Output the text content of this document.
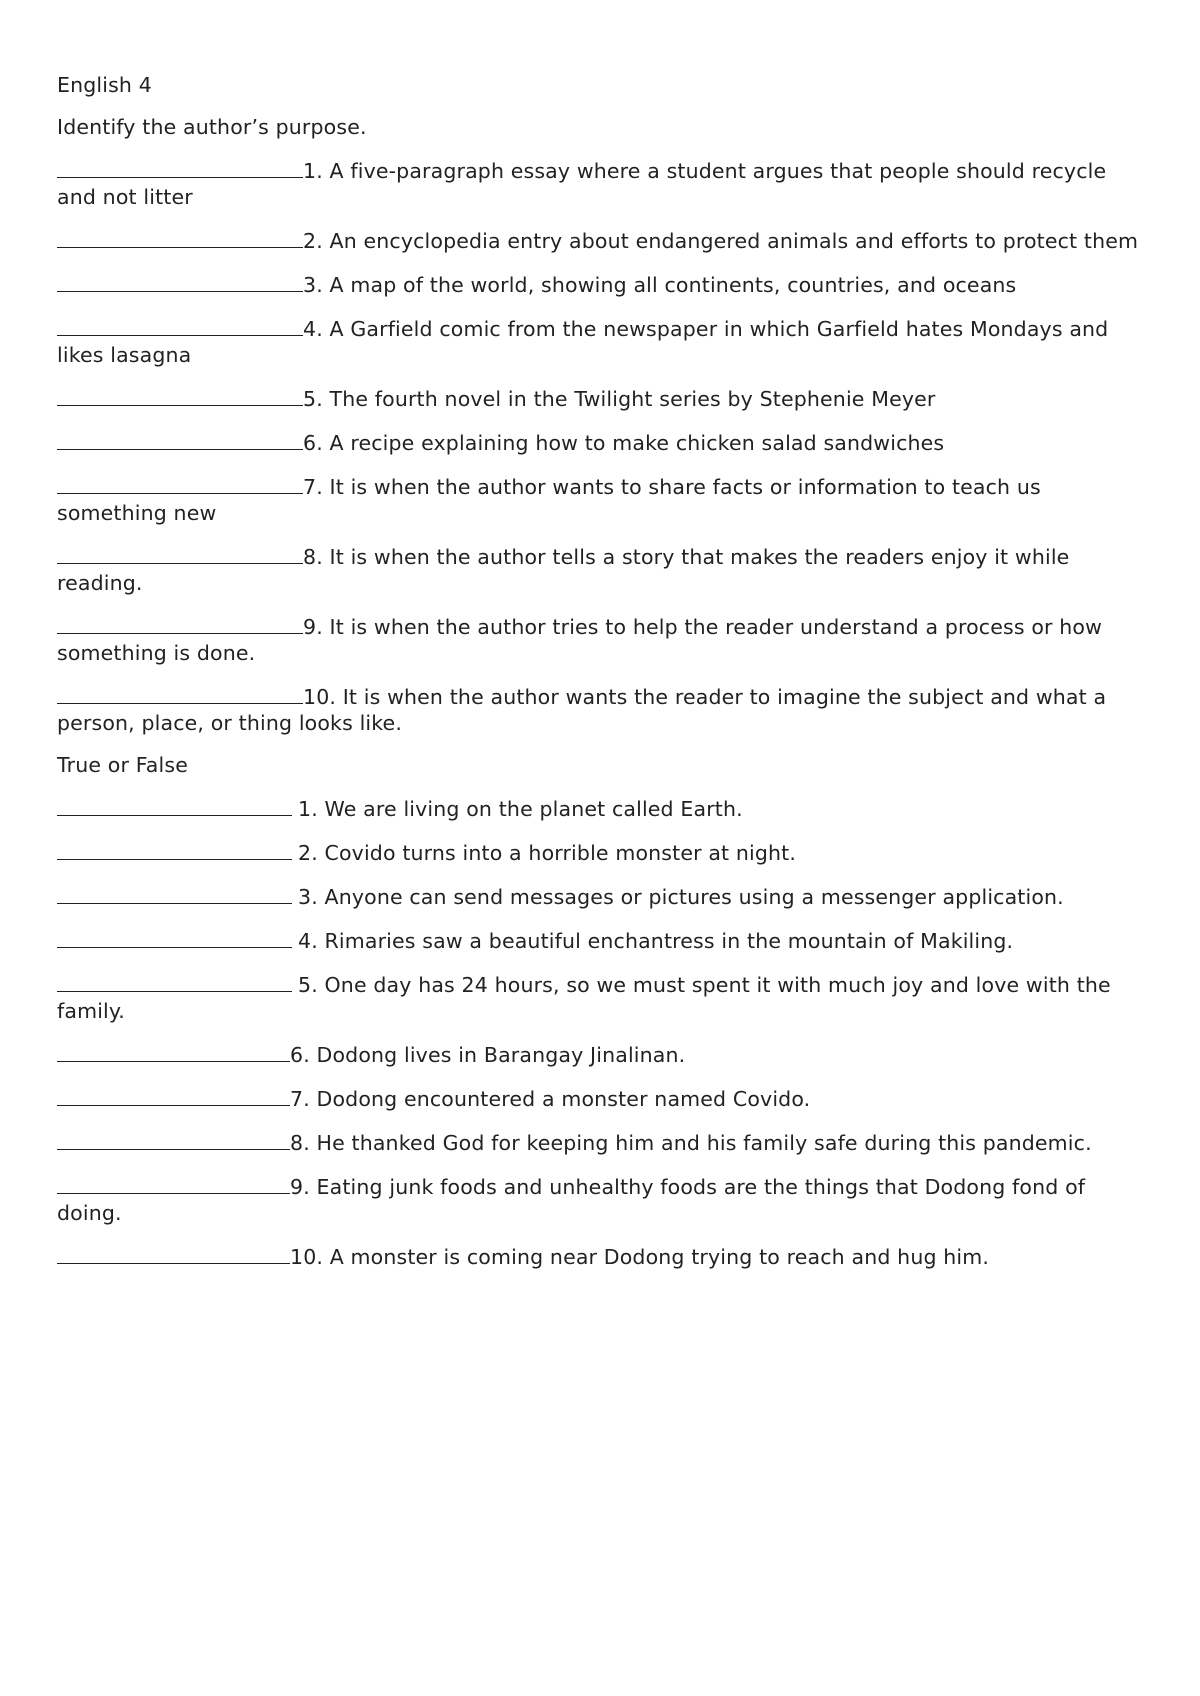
English 4

Identify the author’s purpose.

1. A five-paragraph essay where a student argues that people should recycle and not litter
2. An encyclopedia entry about endangered animals and efforts to protect them
3. A map of the world, showing all continents, countries, and oceans
4. A Garfield comic from the newspaper in which Garfield hates Mondays and likes lasagna
5. The fourth novel in the Twilight series by Stephenie Meyer
6. A recipe explaining how to make chicken salad sandwiches
7. It is when the author wants to share facts or information to teach us something new
8. It is when the author tells a story that makes the readers enjoy it while reading.
9. It is when the author tries to help the reader understand a process or how something is done.
10. It is when the author wants the reader to imagine the subject and what a person, place, or thing looks like.

True or False

1. We are living on the planet called Earth.
2. Covido turns into a horrible monster at night.
3. Anyone can send messages or pictures using a messenger application.
4. Rimaries saw a beautiful enchantress in the mountain of Makiling.
5. One day has 24 hours, so we must spent it with much joy and love with the family.
6. Dodong lives in Barangay Jinalinan.
7. Dodong encountered a monster named Covido.
8. He thanked God for keeping him and his family safe during this pandemic.
9. Eating junk foods and unhealthy foods are the things that Dodong fond of doing.
10. A monster is coming near Dodong trying to reach and hug him.
